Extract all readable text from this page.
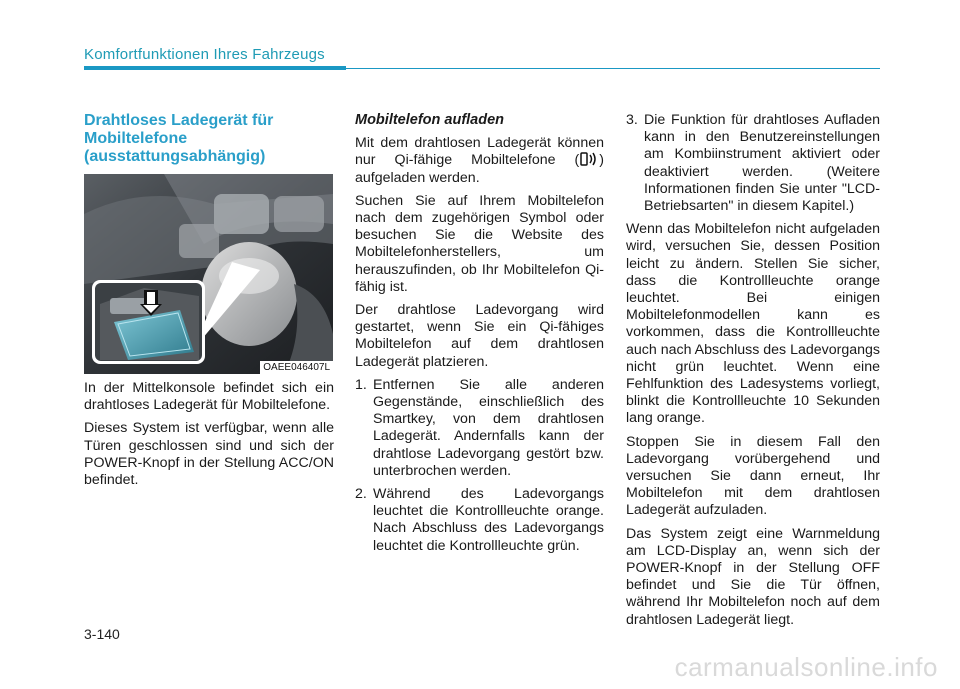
Komfortfunktionen Ihres Fahrzeugs
Drahtloses Ladegerät für
Mobiltelefone
(ausstattungsabhängig)
OAEE046407L

In der Mittelkonsole befindet sich ein drahtloses Ladegerät für Mobiltelefone.

Dieses System ist verfügbar, wenn alle Türen geschlossen sind und sich der POWER-Knopf in der Stellung ACC/ON befindet.

Mobiltelefon aufladen

Mit dem drahtlosen Ladegerät können nur Qi-fähige Mobiltelefone ( ) aufgeladen werden.

Suchen Sie auf Ihrem Mobiltelefon nach dem zugehörigen Symbol oder besuchen Sie die Website des Mobiltelefonherstellers, um herauszufinden, ob Ihr Mobiltelefon Qi-fähig ist.

Der drahtlose Ladevorgang wird gestartet, wenn Sie ein Qi-fähiges Mobiltelefon auf dem drahtlosen Ladegerät platzieren.

1. Entfernen Sie alle anderen Gegenstände, einschließlich des Smartkey, von dem drahtlosen Ladegerät. Andernfalls kann der drahtlose Ladevorgang gestört bzw. unterbrochen werden.
2. Während des Ladevorgangs leuchtet die Kontrollleuchte orange. Nach Abschluss des Ladevorgangs leuchtet die Kontrollleuchte grün.
3. Die Funktion für drahtloses Aufladen kann in den Benutzereinstellungen am Kombiinstrument aktiviert oder deaktiviert werden. (Weitere Informationen finden Sie unter "LCD-Betriebsarten" in diesem Kapitel.)

Wenn das Mobiltelefon nicht aufgeladen wird, versuchen Sie, dessen Position leicht zu ändern. Stellen Sie sicher, dass die Kontrollleuchte orange leuchtet. Bei einigen Mobiltelefonmodellen kann es vorkommen, dass die Kontrollleuchte auch nach Abschluss des Ladevorgangs nicht grün leuchtet. Wenn eine Fehlfunktion des Ladesystems vorliegt, blinkt die Kontrollleuchte 10 Sekunden lang orange.

Stoppen Sie in diesem Fall den Ladevorgang vorübergehend und versuchen Sie dann erneut, Ihr Mobiltelefon mit dem drahtlosen Ladegerät aufzuladen.

Das System zeigt eine Warnmeldung am LCD-Display an, wenn sich der POWER-Knopf in der Stellung OFF befindet und Sie die Tür öffnen, während Ihr Mobiltelefon noch auf dem drahtlosen Ladegerät liegt.

3-140
carmanualsonline.info
